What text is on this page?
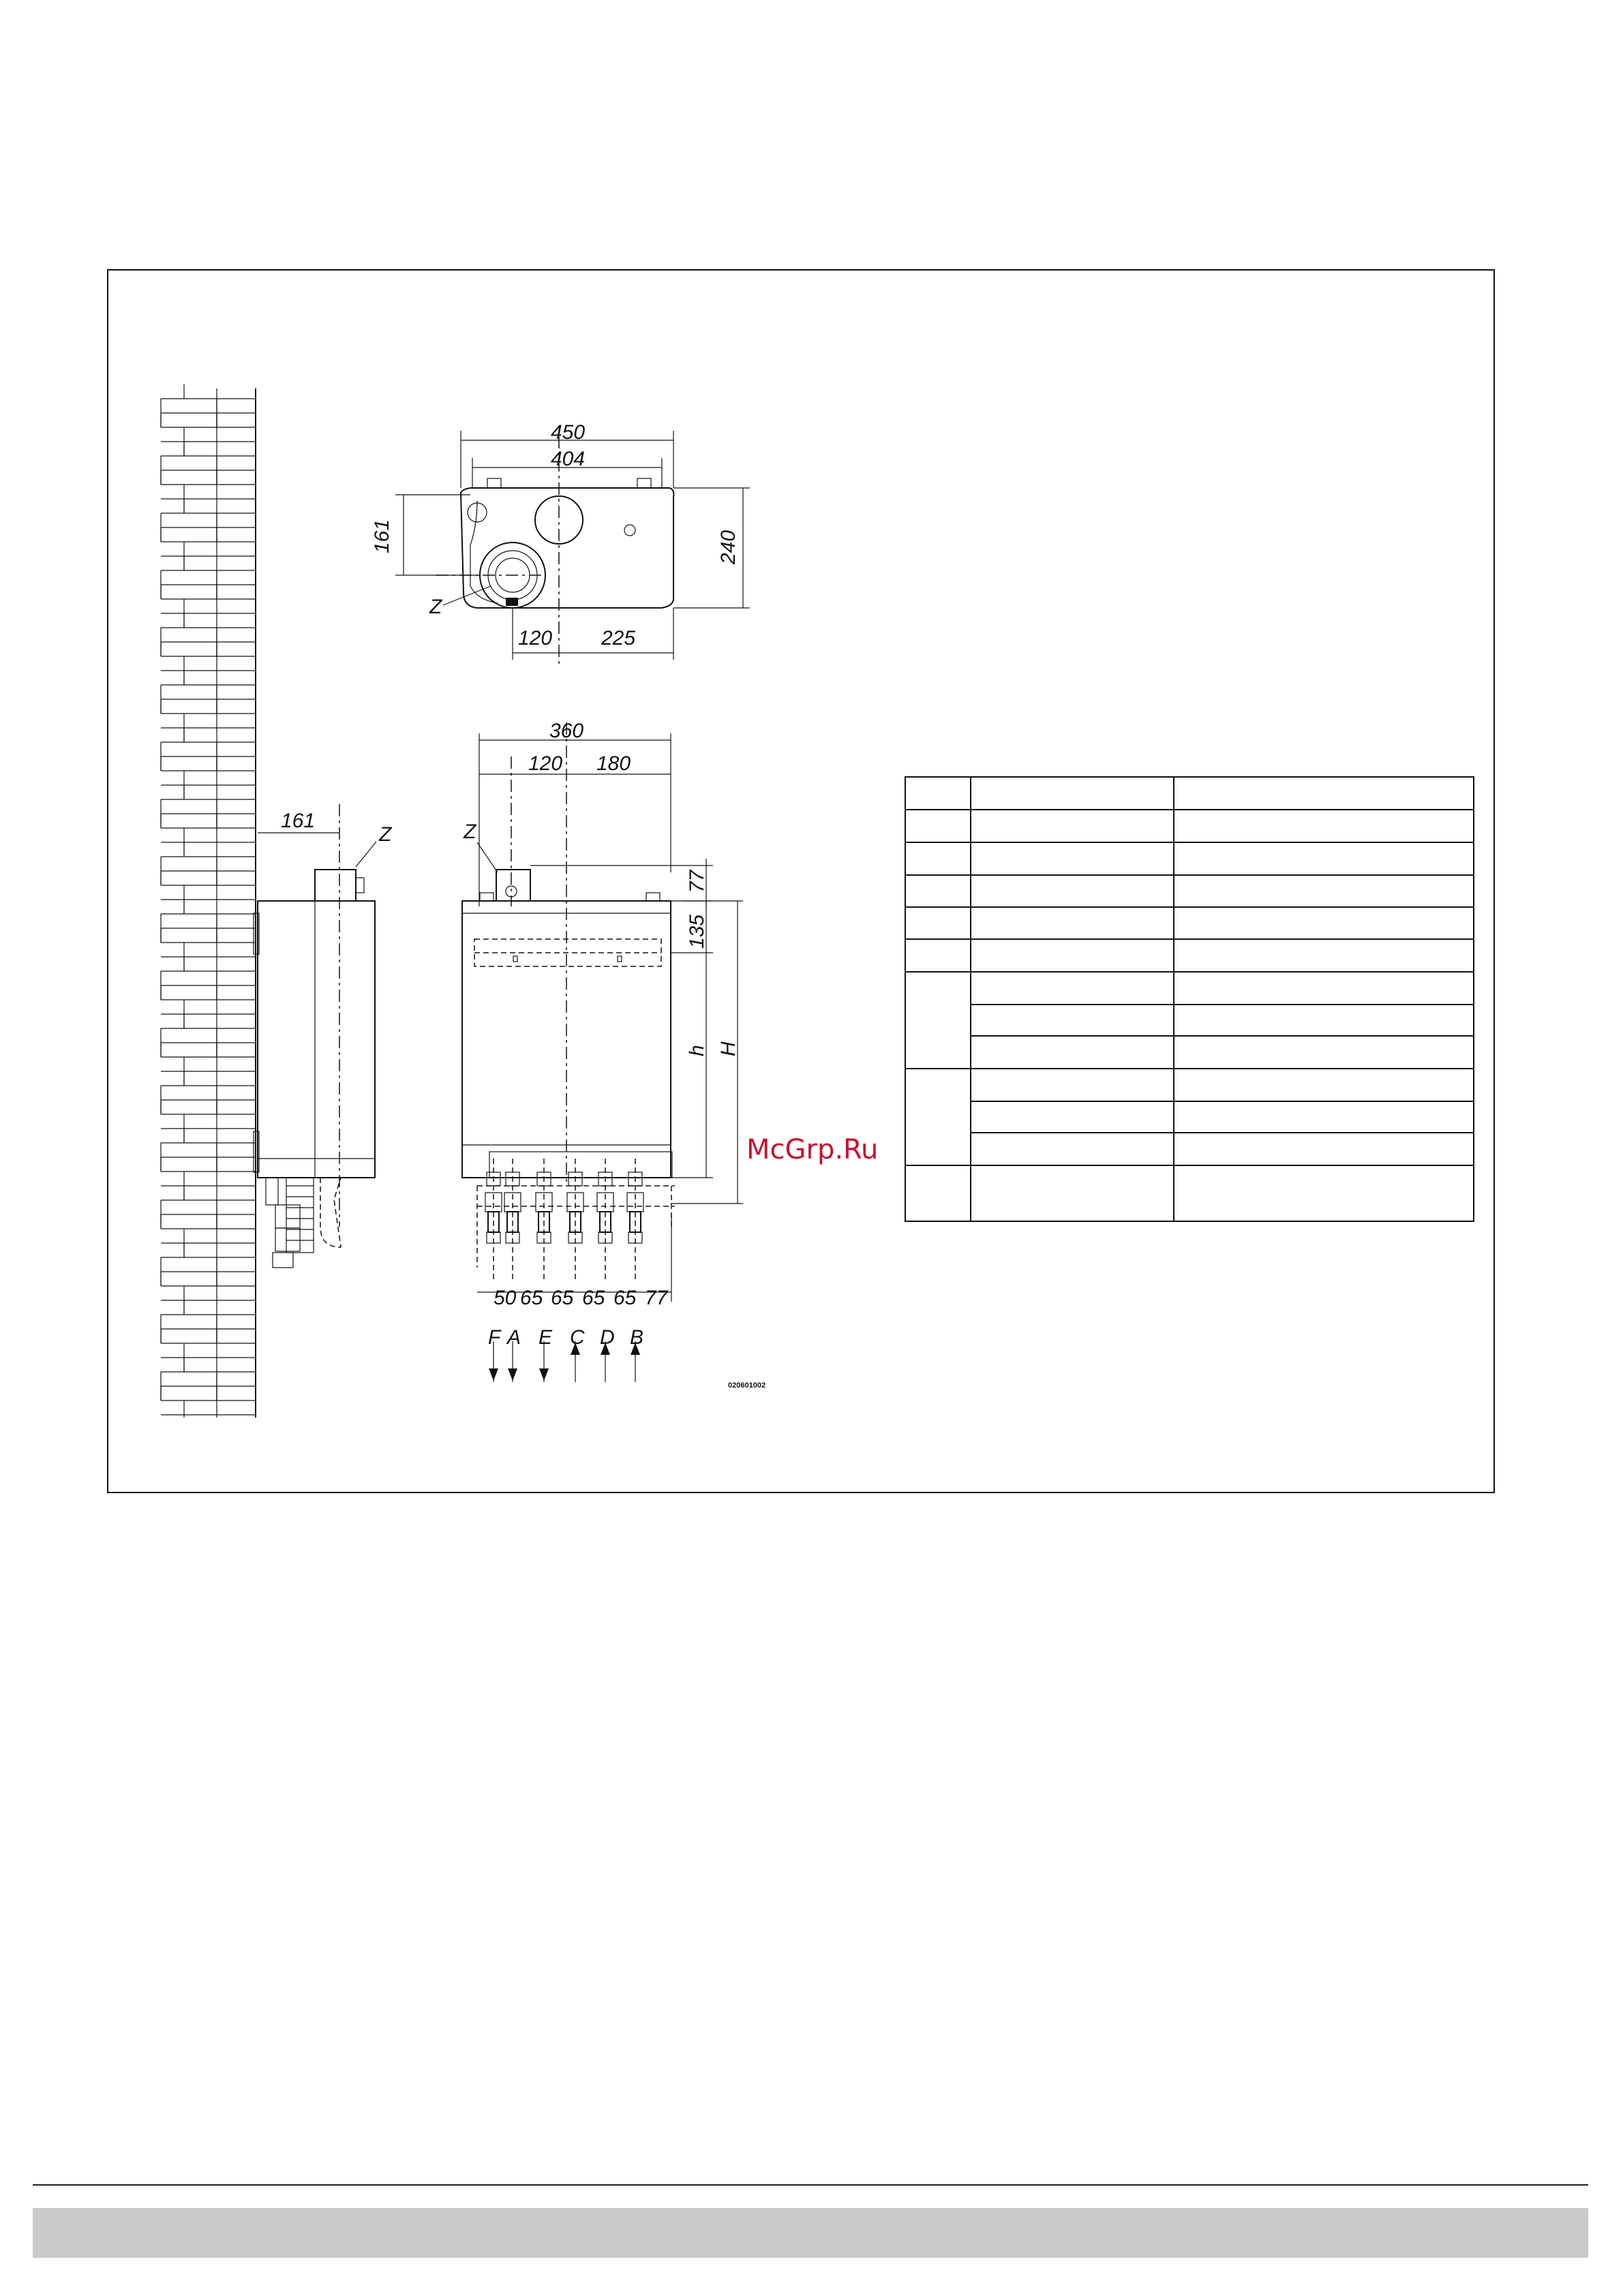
450
404
240
161
120 225
Z
161
Z
360
120 180
77
135
h H
Z
50 65 65 65 65 77
F A E C D B
020601002
McGrp.Ru
